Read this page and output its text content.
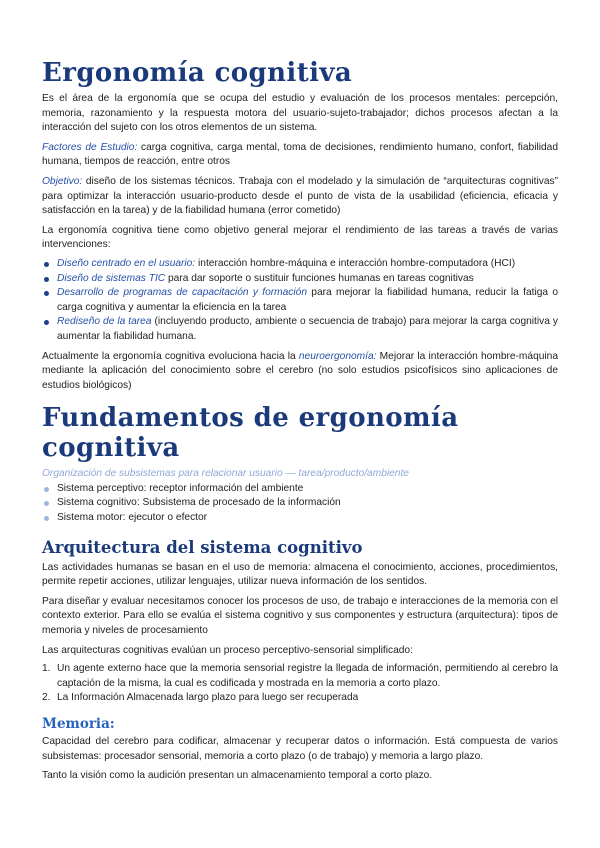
Ergonomía cognitiva

Es el área de la ergonomía que se ocupa del estudio y evaluación de los procesos mentales: percepción, memoria, razonamiento y la respuesta motora del usuario-sujeto-trabajador; dichos procesos afectan a la interacción del sujeto con los otros elementos de un sistema.

Factores de Estudio: carga cognitiva, carga mental, toma de decisiones, rendimiento humano, confort, fiabilidad humana, tiempos de reacción, entre otros

Objetivo: diseño de los sistemas técnicos. Trabaja con el modelado y la simulación de “arquitecturas cognitivas” para optimizar la interacción usuario-producto desde el punto de vista de la usabilidad (eficiencia, eficacia y satisfacción en la tarea) y de la fiabilidad humana (error cometido)

La ergonomía cognitiva tiene como objetivo general mejorar el rendimiento de las tareas a través de varias intervenciones:

Diseño centrado en el usuario: interacción hombre-máquina e interacción hombre-computadora (HCI)
Diseño de sistemas TIC para dar soporte o sustituir funciones humanas en tareas cognitivas
Desarrollo de programas de capacitación y formación para mejorar la fiabilidad humana, reducir la fatiga o carga cognitiva y aumentar la eficiencia en la tarea
Rediseño de la tarea (incluyendo producto, ambiente o secuencia de trabajo) para mejorar la carga cognitiva y aumentar la fiabilidad humana.

Actualmente la ergonomía cognitiva evoluciona hacia la neuroergonomía: Mejorar la interacción hombre-máquina mediante la aplicación del conocimiento sobre el cerebro (no solo estudios psicofísicos sino aplicaciones de estudios biológicos)

Fundamentos de ergonomía cognitiva

Organización de subsistemas para relacionar usuario — tarea/producto/ambiente

Sistema perceptivo: receptor información del ambiente
Sistema cognitivo: Subsistema de procesado de la información
Sistema motor: ejecutor o efector
Arquitectura del sistema cognitivo

Las actividades humanas se basan en el uso de memoria: almacena el conocimiento, acciones, procedimientos, permite repetir acciones, utilizar lenguajes, utilizar nueva información de los sentidos.

Para diseñar y evaluar necesitamos conocer los procesos de uso, de trabajo e interacciones de la memoria con el contexto exterior. Para ello se evalúa el sistema cognitivo y sus componentes y estructura (arquitectura): tipos de memoria y niveles de procesamiento

Las arquitecturas cognitivas evalúan un proceso perceptivo-sensorial simplificado:

1. Un agente externo hace que la memoria sensorial registre la llegada de información, permitiendo al cerebro la captación de la misma, la cual es codificada y mostrada en la memoria a corto plazo.
2. La Información Almacenada largo plazo para luego ser recuperada
Memoria:

Capacidad del cerebro para codificar, almacenar y recuperar datos o información. Está compuesta de varios subsistemas: procesador sensorial, memoria a corto plazo (o de trabajo) y memoria a largo plazo.

Tanto la visión como la audición presentan un almacenamiento temporal a corto plazo.
